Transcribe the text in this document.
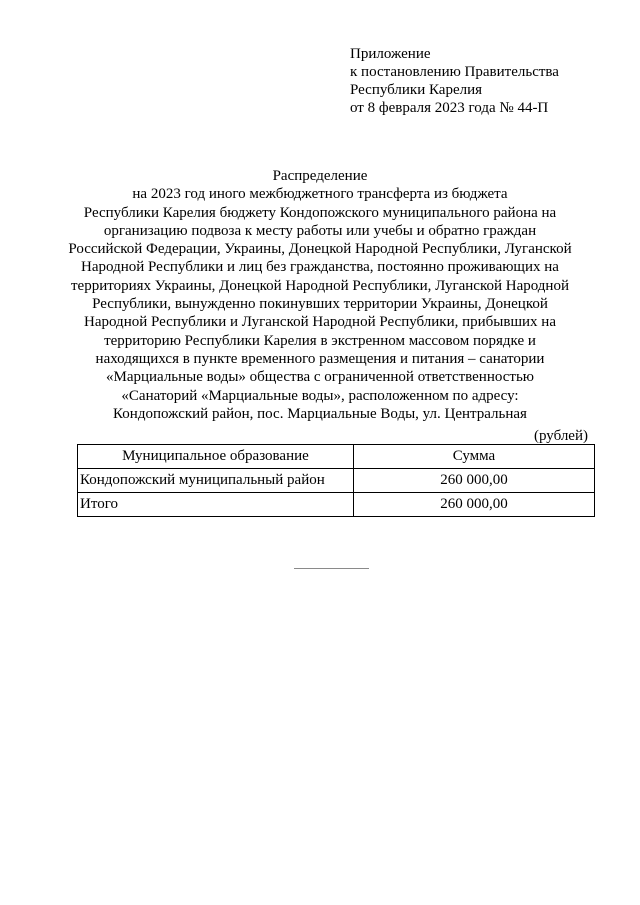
Приложение
к постановлению Правительства
Республики Карелия
от 8 февраля 2023 года № 44-П
Распределение
на 2023 год иного межбюджетного трансферта из бюджета
Республики Карелия бюджету Кондопожского муниципального района на
организацию подвоза к месту работы или учебы и обратно граждан
Российской Федерации, Украины, Донецкой Народной Республики, Луганской
Народной Республики и лиц без гражданства, постоянно проживающих на
территориях Украины, Донецкой Народной Республики, Луганской Народной
Республики, вынужденно покинувших территории Украины, Донецкой
Народной Республики и Луганской Народной Республики, прибывших на
территорию Республики Карелия в экстренном массовом порядке и
находящихся в пункте временного размещения и питания – санатории
«Марциальные воды» общества с ограниченной ответственностью
«Санаторий «Марциальные воды», расположенном по адресу:
Кондопожский район, пос. Марциальные Воды, ул. Центральная
(рублей)
Муниципальное образование	Сумма
Кондопожский муниципальный район	260 000,00
Итого	260 000,00
